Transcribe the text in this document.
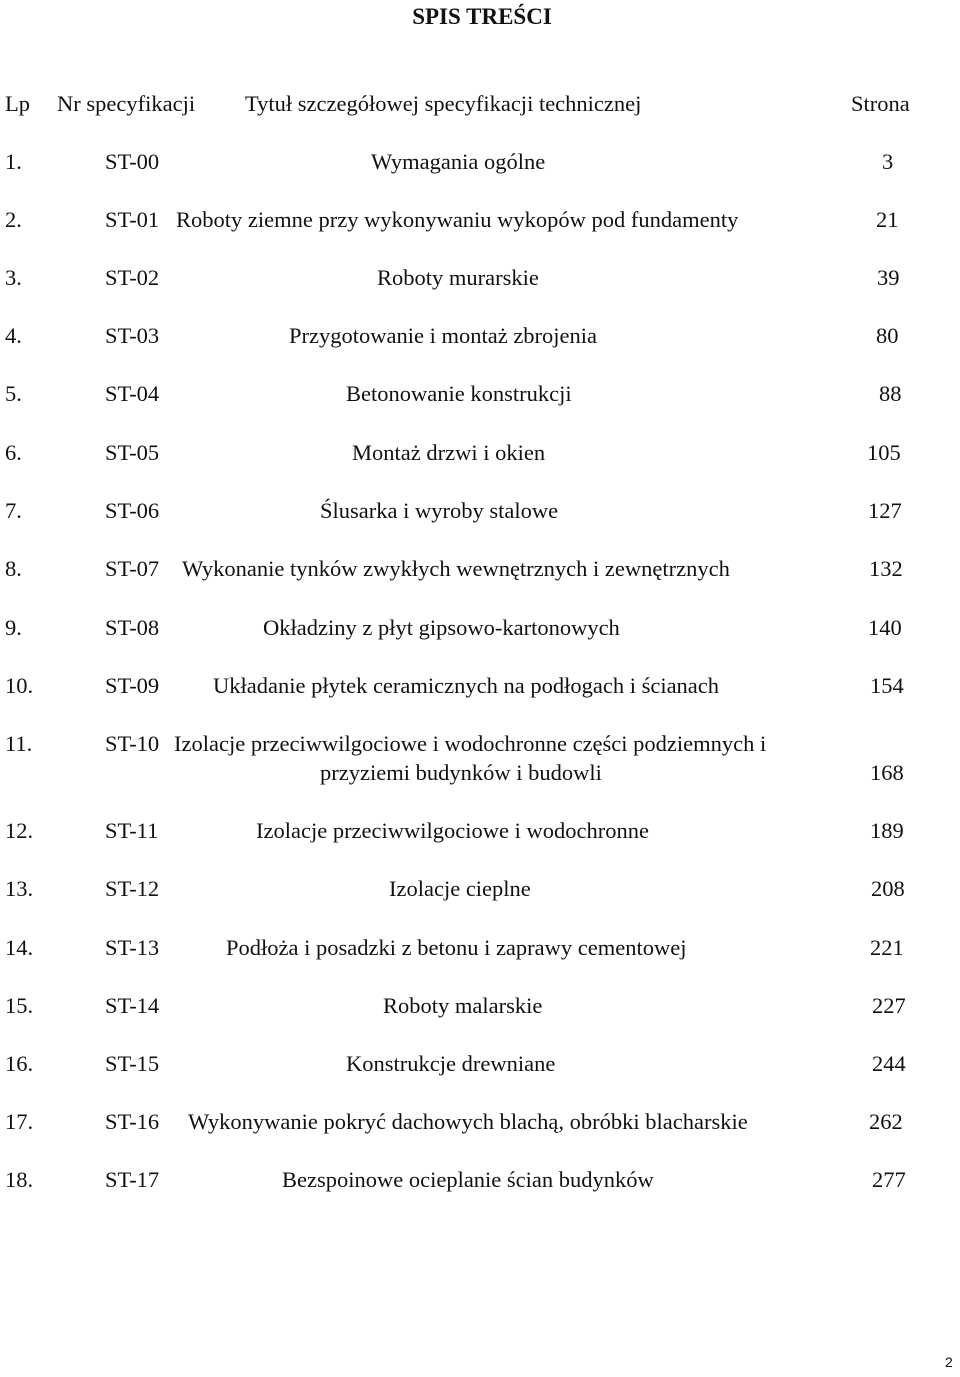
SPIS TREŚCI
Lp Nr specyfikacji Tytuł szczegółowej specyfikacji technicznej	Strona
1.	ST-00	Wymagania ogólne	3
2.	ST-01 Roboty ziemne przy wykonywaniu wykopów pod fundamenty	21
3.	ST-02	Roboty murarskie	39
4.	ST-03	Przygotowanie i montaż zbrojenia	80
5.	ST-04	Betonowanie konstrukcji	88
6.	ST-05	Montaż drzwi i okien	105
7.	ST-06	Ślusarka i wyroby stalowe	127
8.	ST-07 Wykonanie tynków zwykłych wewnętrznych i zewnętrznych	132
9.	ST-08	Okładziny z płyt gipsowo-kartonowych	140
10.	ST-09 Układanie płytek ceramicznych na podłogach i ścianach	154
11.	ST-10 Izolacje przeciwwilgociowe i wodochronne części podziemnych i
przyziemi budynków i budowli	168
12.	ST-11	Izolacje przeciwwilgociowe i wodochronne	189
13.	ST-12	Izolacje cieplne	208
14.	ST-13	Podłoża i posadzki z betonu i zaprawy cementowej	221
15.	ST-14	Roboty malarskie	227
16.	ST-15	Konstrukcje drewniane	244
17.	ST-16 Wykonywanie pokryć dachowych blachą, obróbki blacharskie	262
18.	ST-17	Bezspoinowe ocieplanie ścian budynków	277
2
